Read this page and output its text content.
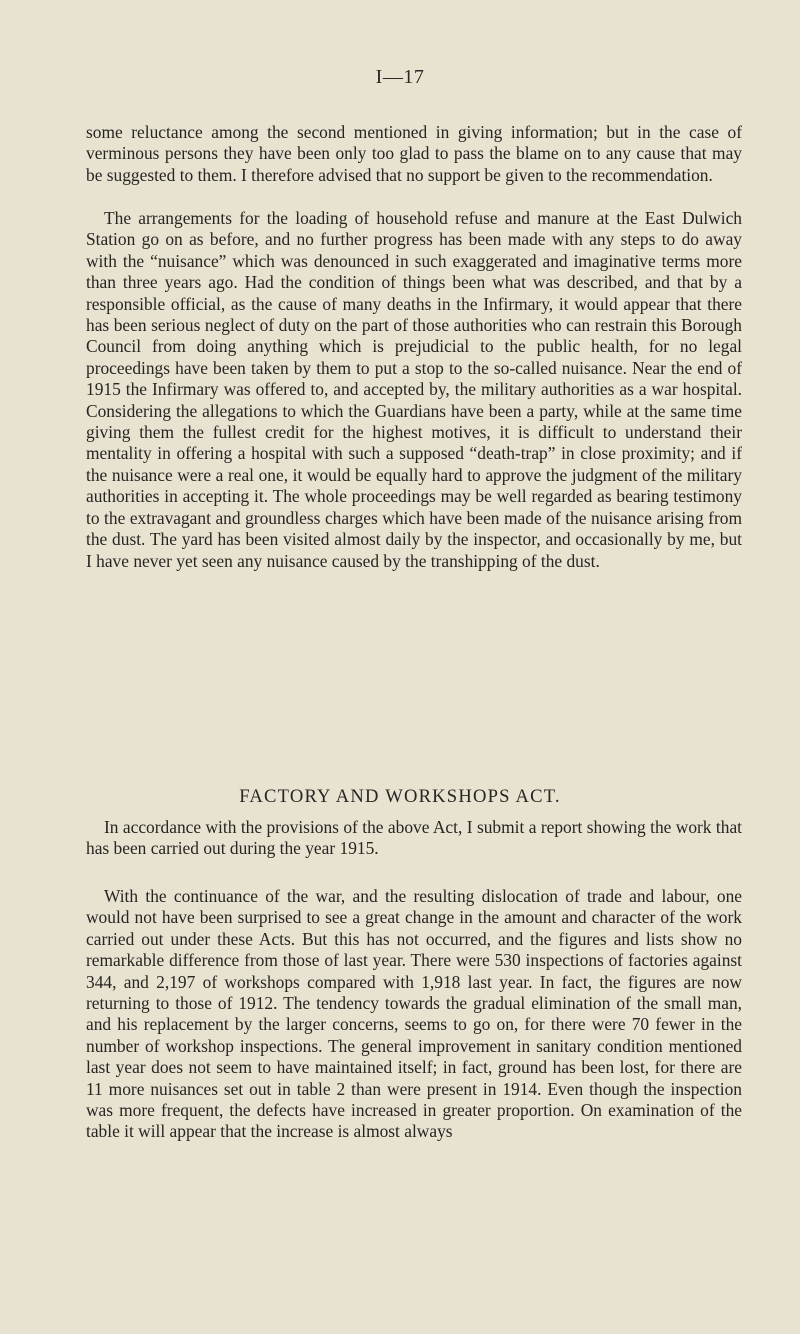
I—17
some reluctance among the second mentioned in giving information; but in the case of verminous persons they have been only too glad to pass the blame on to any cause that may be suggested to them. I therefore advised that no support be given to the recommendation.
The arrangements for the loading of household refuse and manure at the East Dulwich Station go on as before, and no further progress has been made with any steps to do away with the “nuisance” which was denounced in such exaggerated and imaginative terms more than three years ago. Had the condition of things been what was described, and that by a responsible official, as the cause of many deaths in the Infirmary, it would appear that there has been serious neglect of duty on the part of those authorities who can restrain this Borough Council from doing anything which is prejudicial to the public health, for no legal proceedings have been taken by them to put a stop to the so-called nuisance. Near the end of 1915 the Infirmary was offered to, and accepted by, the military authorities as a war hospital. Considering the allegations to which the Guardians have been a party, while at the same time giving them the fullest credit for the highest motives, it is difficult to understand their mentality in offering a hospital with such a supposed “death-trap” in close proximity; and if the nuisance were a real one, it would be equally hard to approve the judgment of the military authorities in accepting it. The whole proceedings may be well regarded as bearing testimony to the extravagant and groundless charges which have been made of the nuisance arising from the dust. The yard has been visited almost daily by the inspector, and occasionally by me, but I have never yet seen any nuisance caused by the transhipping of the dust.
FACTORY AND WORKSHOPS ACT.
In accordance with the provisions of the above Act, I submit a report showing the work that has been carried out during the year 1915.
With the continuance of the war, and the resulting dislocation of trade and labour, one would not have been surprised to see a great change in the amount and character of the work carried out under these Acts. But this has not occurred, and the figures and lists show no remarkable difference from those of last year. There were 530 inspections of factories against 344, and 2,197 of workshops compared with 1,918 last year. In fact, the figures are now returning to those of 1912. The tendency towards the gradual elimination of the small man, and his replacement by the larger concerns, seems to go on, for there were 70 fewer in the number of workshop inspections. The general improvement in sanitary condition mentioned last year does not seem to have maintained itself; in fact, ground has been lost, for there are 11 more nuisances set out in table 2 than were present in 1914. Even though the inspection was more frequent, the defects have increased in greater proportion. On examination of the table it will appear that the increase is almost always
